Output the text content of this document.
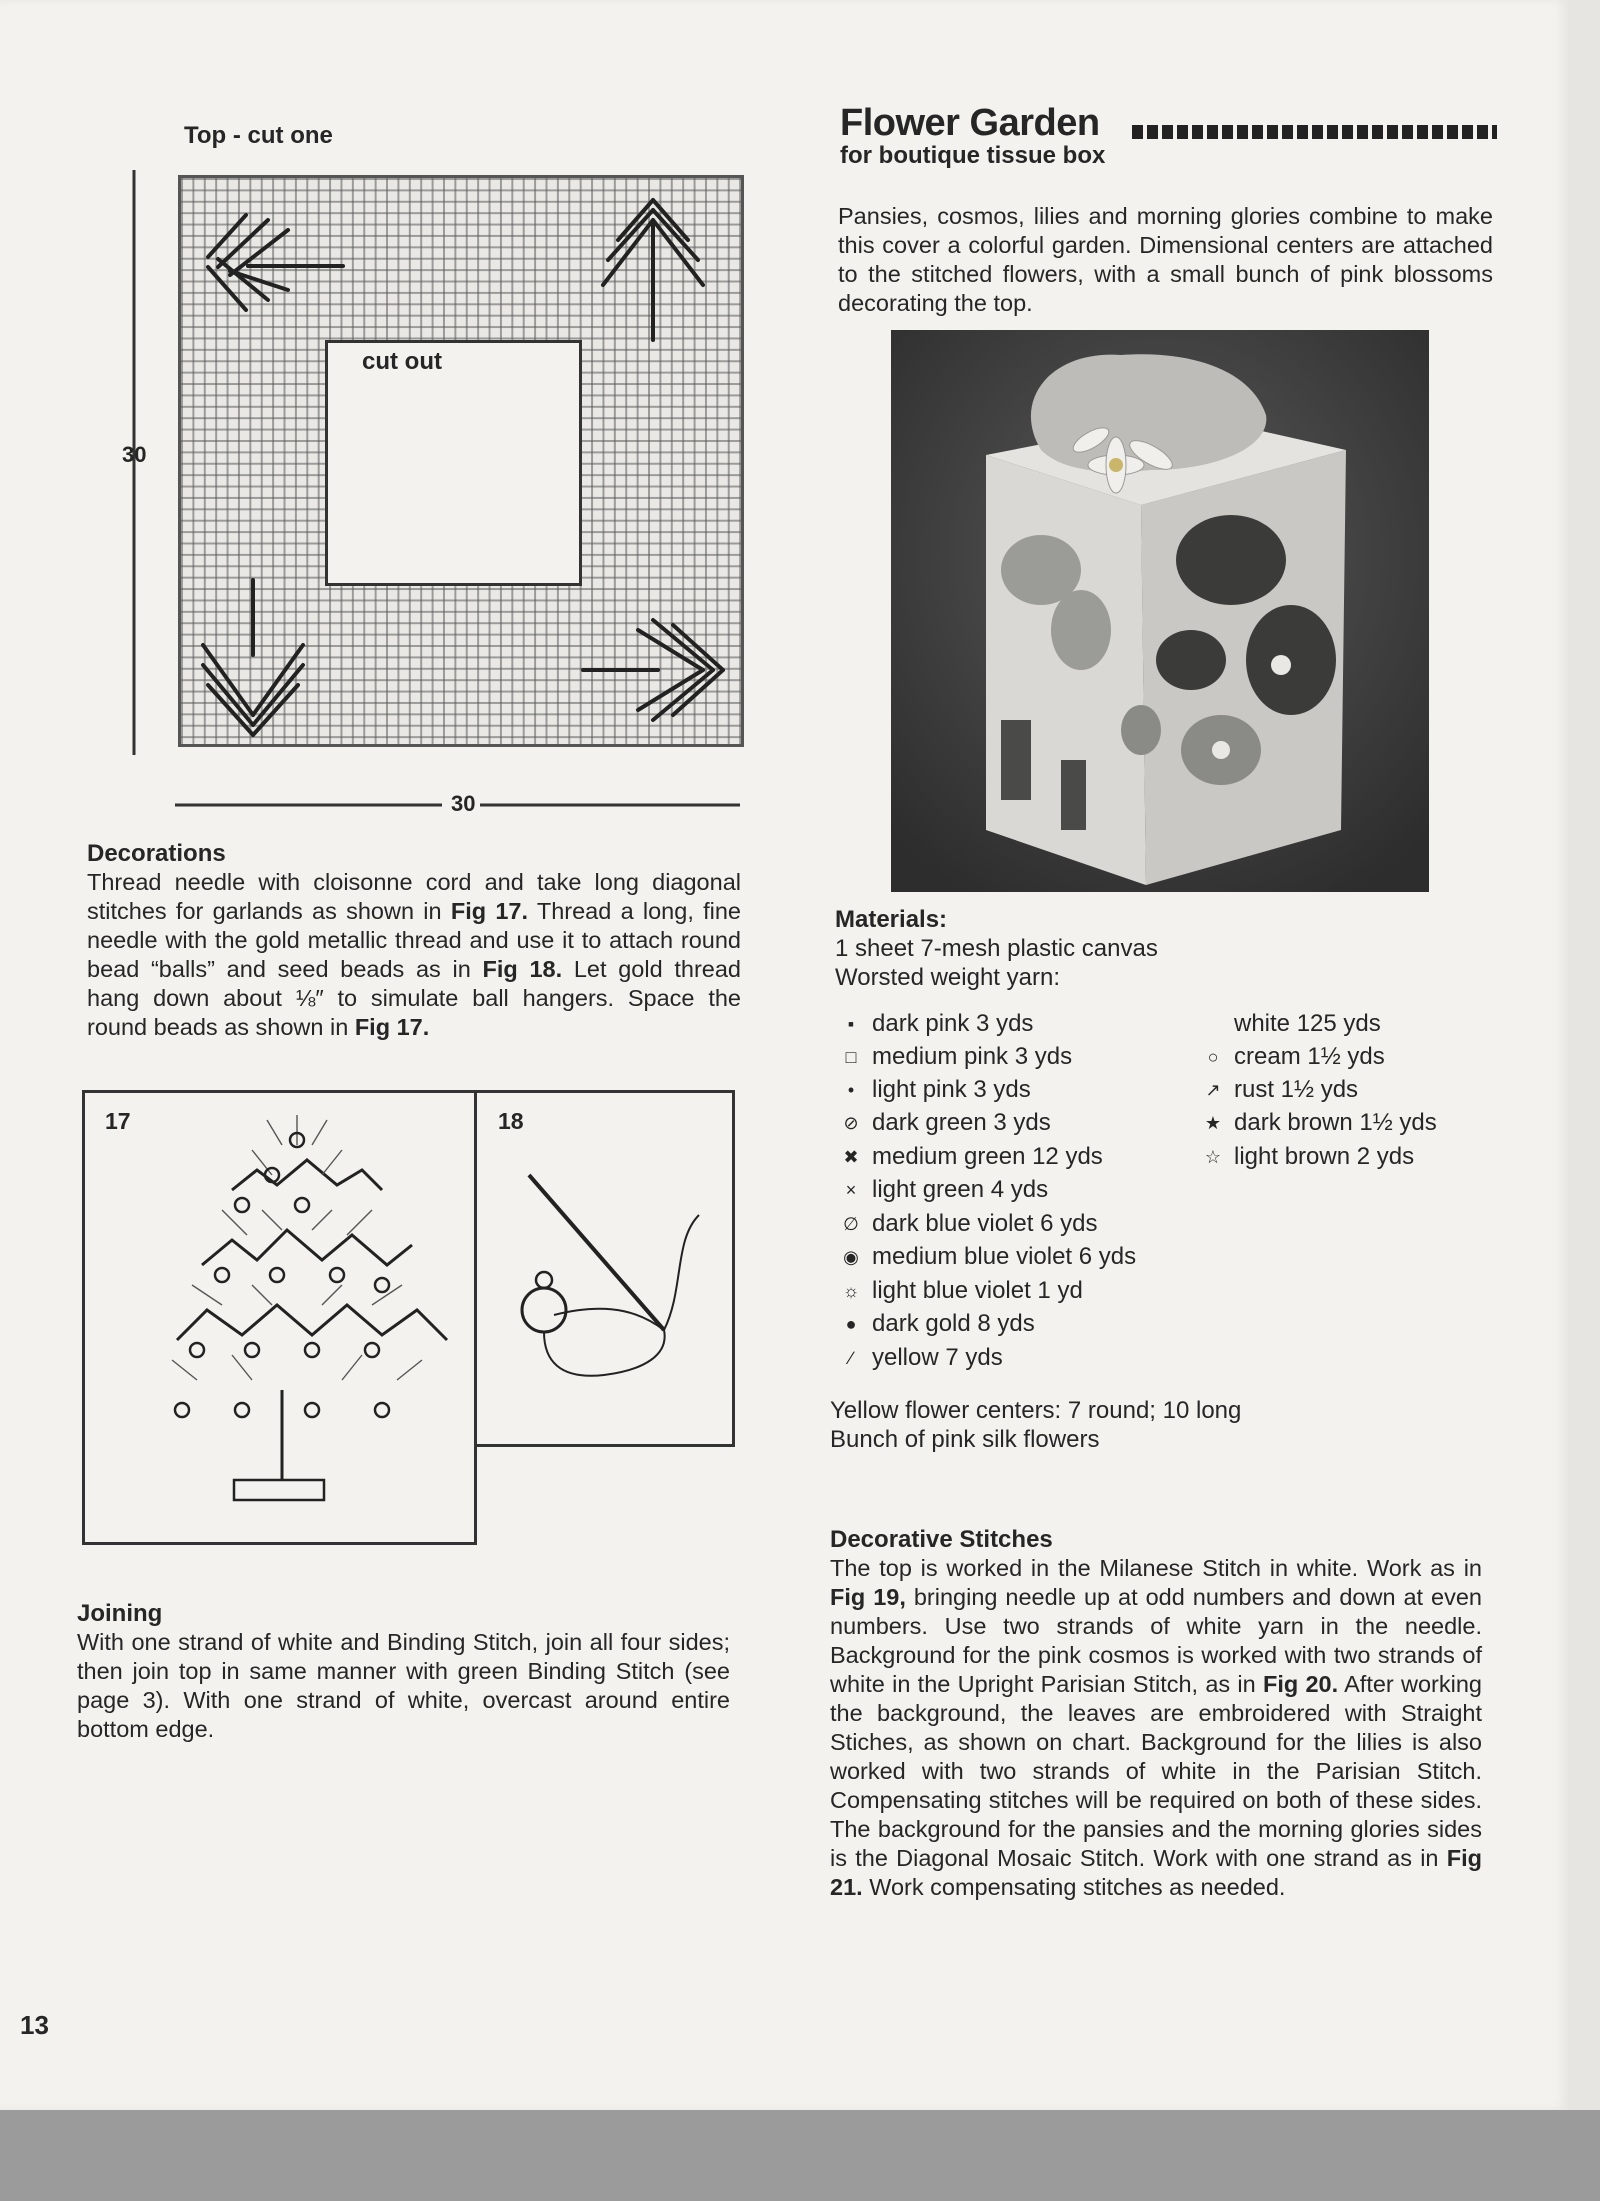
Top - cut one
30
cut out
30
Decorations
Thread needle with cloisonne cord and take long diagonal stitches for garlands as shown in Fig 17. Thread a long, fine needle with the gold metallic thread and use it to attach round bead “balls” and seed beads as in Fig 18. Let gold thread hang down about ⅛″ to simulate ball hangers. Space the round beads as shown in Fig 17.
17	18
Joining
With one strand of white and Binding Stitch, join all four sides; then join top in same manner with green Binding Stitch (see page 3). With one strand of white, overcast around entire bottom edge.
13
Flower Garden
for boutique tissue box
Pansies, cosmos, lilies and morning glories combine to make this cover a colorful garden. Dimensional centers are attached to the stitched flowers, with a small bunch of pink blossoms decorating the top.
Materials:
1 sheet 7-mesh plastic canvas
Worsted weight yarn:
▪ dark pink 3 yds
□ medium pink 3 yds
• light pink 3 yds
⊘ dark green 3 yds
✖ medium green 12 yds
× light green 4 yds
∅ dark blue violet 6 yds
◉ medium blue violet 6 yds
☼ light blue violet 1 yd
● dark gold 8 yds
∕ yellow 7 yds
white 125 yds
○ cream 1½ yds
↗ rust 1½ yds
★ dark brown 1½ yds
☆ light brown 2 yds
Yellow flower centers: 7 round; 10 long
Bunch of pink silk flowers
Decorative Stitches
The top is worked in the Milanese Stitch in white. Work as in Fig 19, bringing needle up at odd numbers and down at even numbers. Use two strands of white yarn in the needle. Background for the pink cosmos is worked with two strands of white in the Upright Parisian Stitch, as in Fig 20. After working the background, the leaves are embroidered with Straight Stiches, as shown on chart. Background for the lilies is also worked with two strands of white in the Parisian Stitch. Compensating stitches will be required on both of these sides. The background for the pansies and the morning glories sides is the Diagonal Mosaic Stitch. Work with one strand as in Fig 21. Work compensating stitches as needed.
